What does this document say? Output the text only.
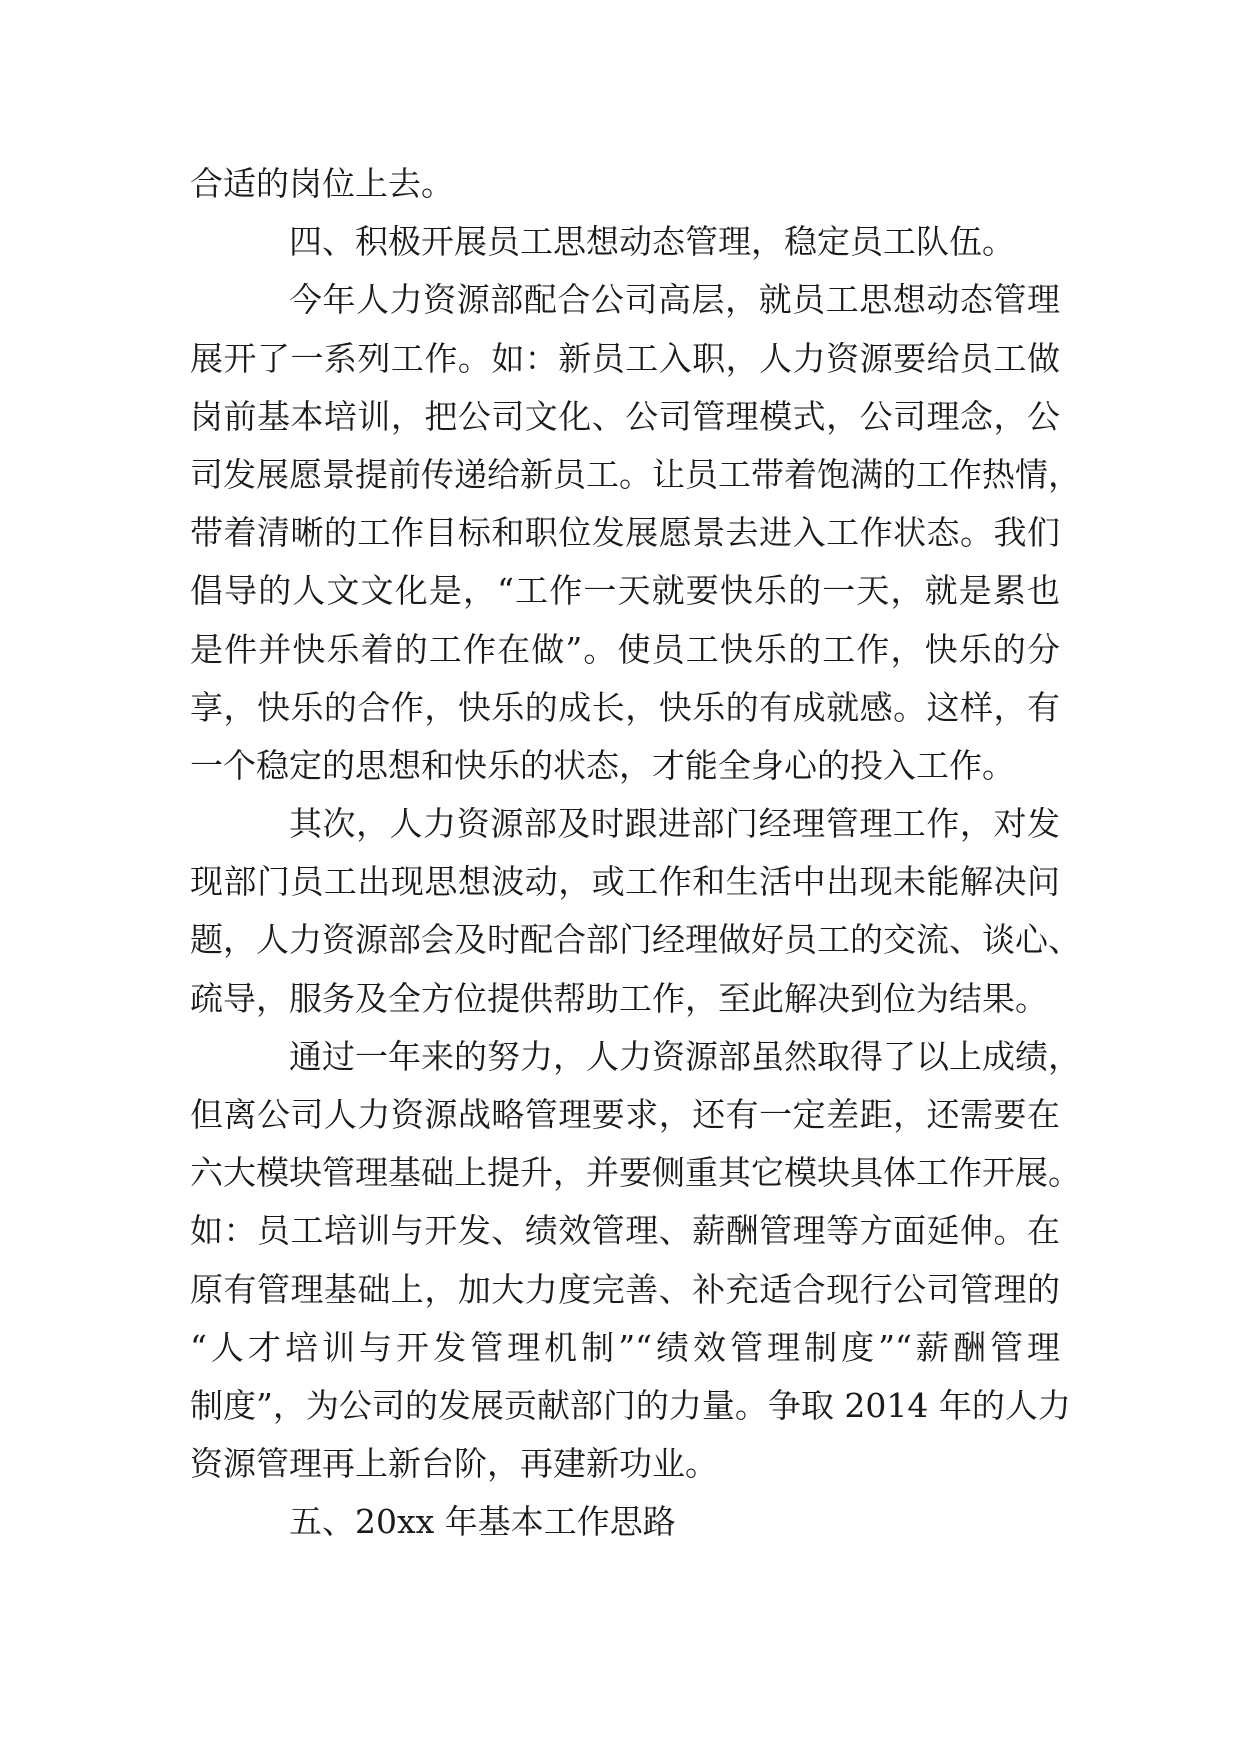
合适的岗位上去。
四、积极开展员工思想动态管理，稳定员工队伍。
今年人力资源部配合公司高层，就员工思想动态管理
展开了一系列工作。如：新员工入职，人力资源要给员工做
岗前基本培训，把公司文化、公司管理模式，公司理念，公
司发展愿景提前传递给新员工。让员工带着饱满的工作热情，
带着清晰的工作目标和职位发展愿景去进入工作状态。我们
倡导的人文文化是，“工作一天就要快乐的一天，就是累也
是件并快乐着的工作在做”。使员工快乐的工作，快乐的分
享，快乐的合作，快乐的成长，快乐的有成就感。这样，有
一个稳定的思想和快乐的状态，才能全身心的投入工作。
其次，人力资源部及时跟进部门经理管理工作，对发
现部门员工出现思想波动，或工作和生活中出现未能解决问
题，人力资源部会及时配合部门经理做好员工的交流、谈心、
疏导，服务及全方位提供帮助工作，至此解决到位为结果。
通过一年来的努力，人力资源部虽然取得了以上成绩，
但离公司人力资源战略管理要求，还有一定差距，还需要在
六大模块管理基础上提升，并要侧重其它模块具体工作开展。
如：员工培训与开发、绩效管理、薪酬管理等方面延伸。在
原有管理基础上，加大力度完善、补充适合现行公司管理的
“人才培训与开发管理机制”“绩效管理制度”“薪酬管理
制度”，为公司的发展贡献部门的力量。争取 2014 年的人力
资源管理再上新台阶，再建新功业。
五、20xx 年基本工作思路
